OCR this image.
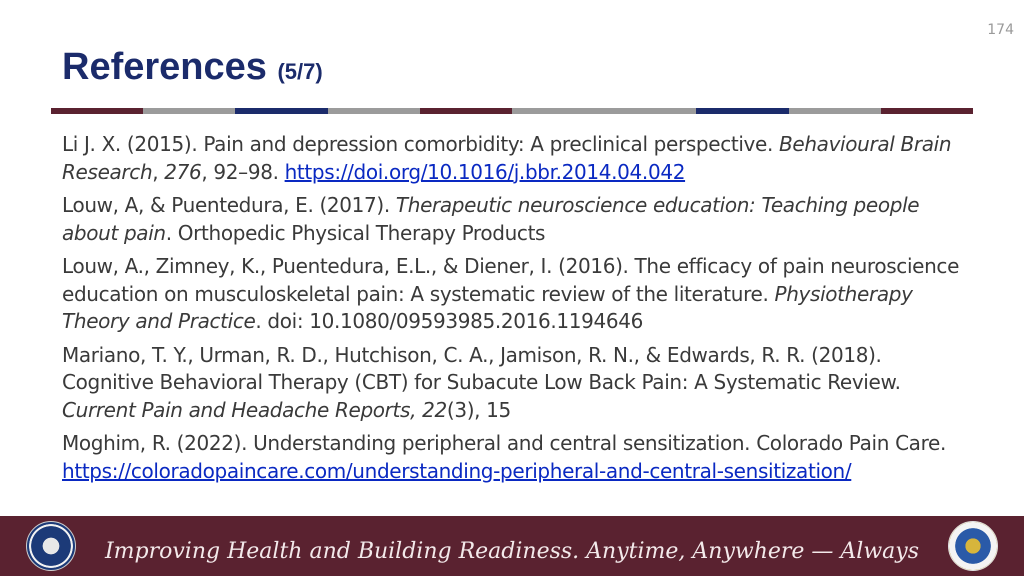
174
References (5/7)

Li J. X. (2015). Pain and depression comorbidity: A preclinical perspective. Behavioural Brain Research, 276, 92–98. https://doi.org/10.1016/j.bbr.2014.04.042

Louw, A, & Puentedura, E. (2017). Therapeutic neuroscience education: Teaching people about pain. Orthopedic Physical Therapy Products

Louw, A., Zimney, K., Puentedura, E.L., & Diener, I. (2016). The efficacy of pain neuroscience education on musculoskeletal pain: A systematic review of the literature. Physiotherapy Theory and Practice. doi: 10.1080/09593985.2016.1194646

Mariano, T. Y., Urman, R. D., Hutchison, C. A., Jamison, R. N., & Edwards, R. R. (2018). Cognitive Behavioral Therapy (CBT) for Subacute Low Back Pain: A Systematic Review. Current Pain and Headache Reports, 22(3), 15

Moghim, R. (2022). Understanding peripheral and central sensitization. Colorado Pain Care. https://coloradopaincare.com/understanding-peripheral-and-central-sensitization/

Improving Health and Building Readiness. Anytime, Anywhere — Always
